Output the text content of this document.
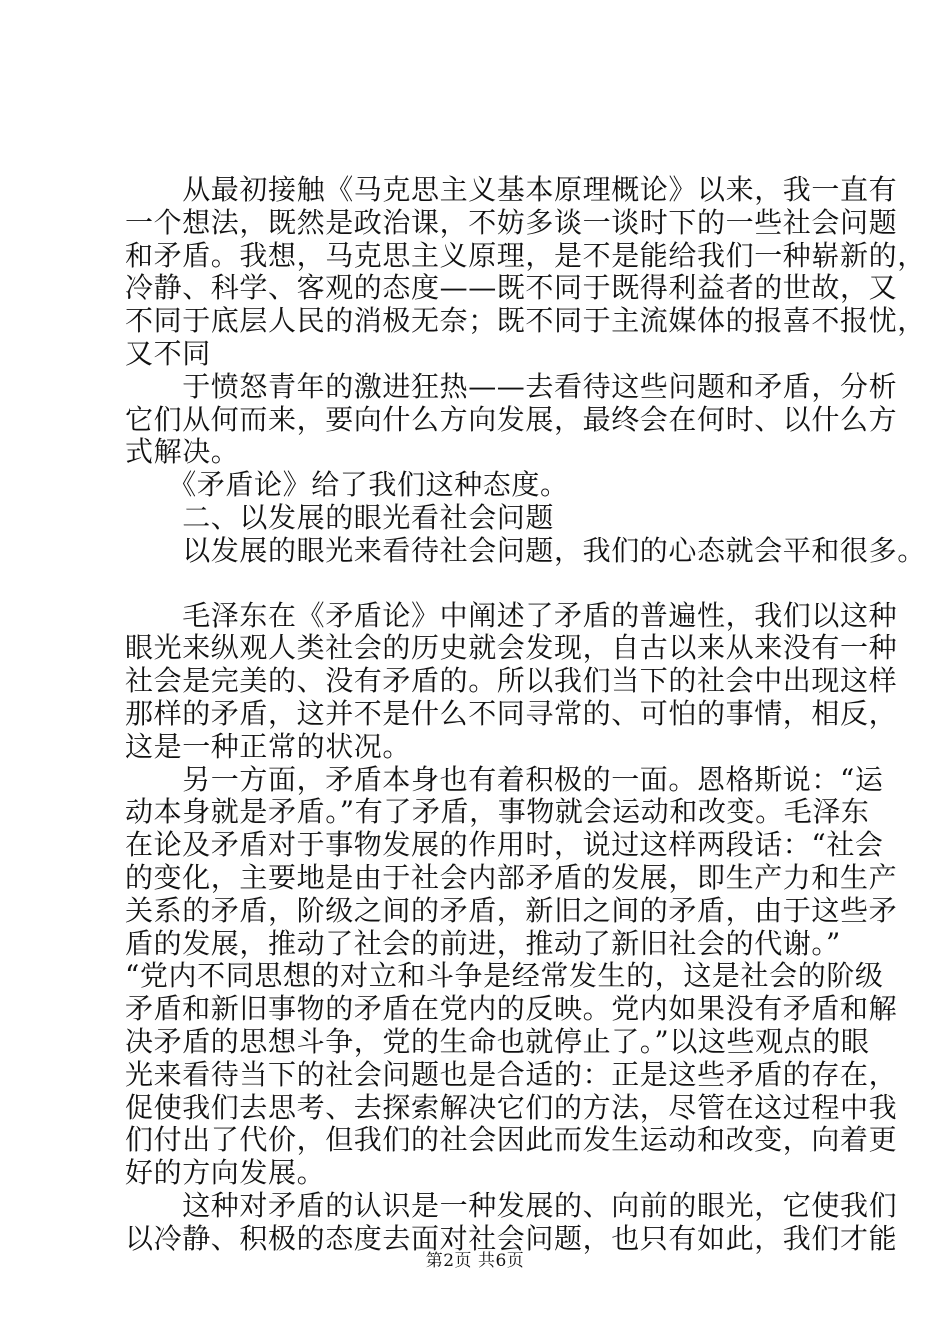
　　从最初接触《马克思主义基本原理概论》以来，我一直有

一个想法，既然是政治课，不妨多谈一谈时下的一些社会问题

和矛盾。我想，马克思主义原理，是不是能给我们一种崭新的，

冷静、科学、客观的态度——既不同于既得利益者的世故，又

不同于底层人民的消极无奈；既不同于主流媒体的报喜不报忧，

又不同

　　于愤怒青年的激进狂热——去看待这些问题和矛盾，分析

它们从何而来，要向什么方向发展，最终会在何时、以什么方

式解决。

　　《矛盾论》给了我们这种态度。

　　二、以发展的眼光看社会问题

　　以发展的眼光来看待社会问题，我们的心态就会平和很多。

　　毛泽东在《矛盾论》中阐述了矛盾的普遍性，我们以这种

眼光来纵观人类社会的历史就会发现，自古以来从来没有一种

社会是完美的、没有矛盾的。所以我们当下的社会中出现这样

那样的矛盾，这并不是什么不同寻常的、可怕的事情，相反，

这是一种正常的状况。

　　另一方面，矛盾本身也有着积极的一面。恩格斯说：“运

动本身就是矛盾。”有了矛盾，事物就会运动和改变。毛泽东

在论及矛盾对于事物发展的作用时，说过这样两段话：“社会

的变化，主要地是由于社会内部矛盾的发展，即生产力和生产

关系的矛盾，阶级之间的矛盾，新旧之间的矛盾，由于这些矛

盾的发展，推动了社会的前进，推动了新旧社会的代谢。”

“党内不同思想的对立和斗争是经常发生的，这是社会的阶级

矛盾和新旧事物的矛盾在党内的反映。党内如果没有矛盾和解

决矛盾的思想斗争，党的生命也就停止了。”以这些观点的眼

光来看待当下的社会问题也是合适的：正是这些矛盾的存在，

促使我们去思考、去探索解决它们的方法，尽管在这过程中我

们付出了代价，但我们的社会因此而发生运动和改变，向着更

好的方向发展。

　　这种对矛盾的认识是一种发展的、向前的眼光，它使我们

以冷静、积极的态度去面对社会问题，也只有如此，我们才能

第2页 共6页
